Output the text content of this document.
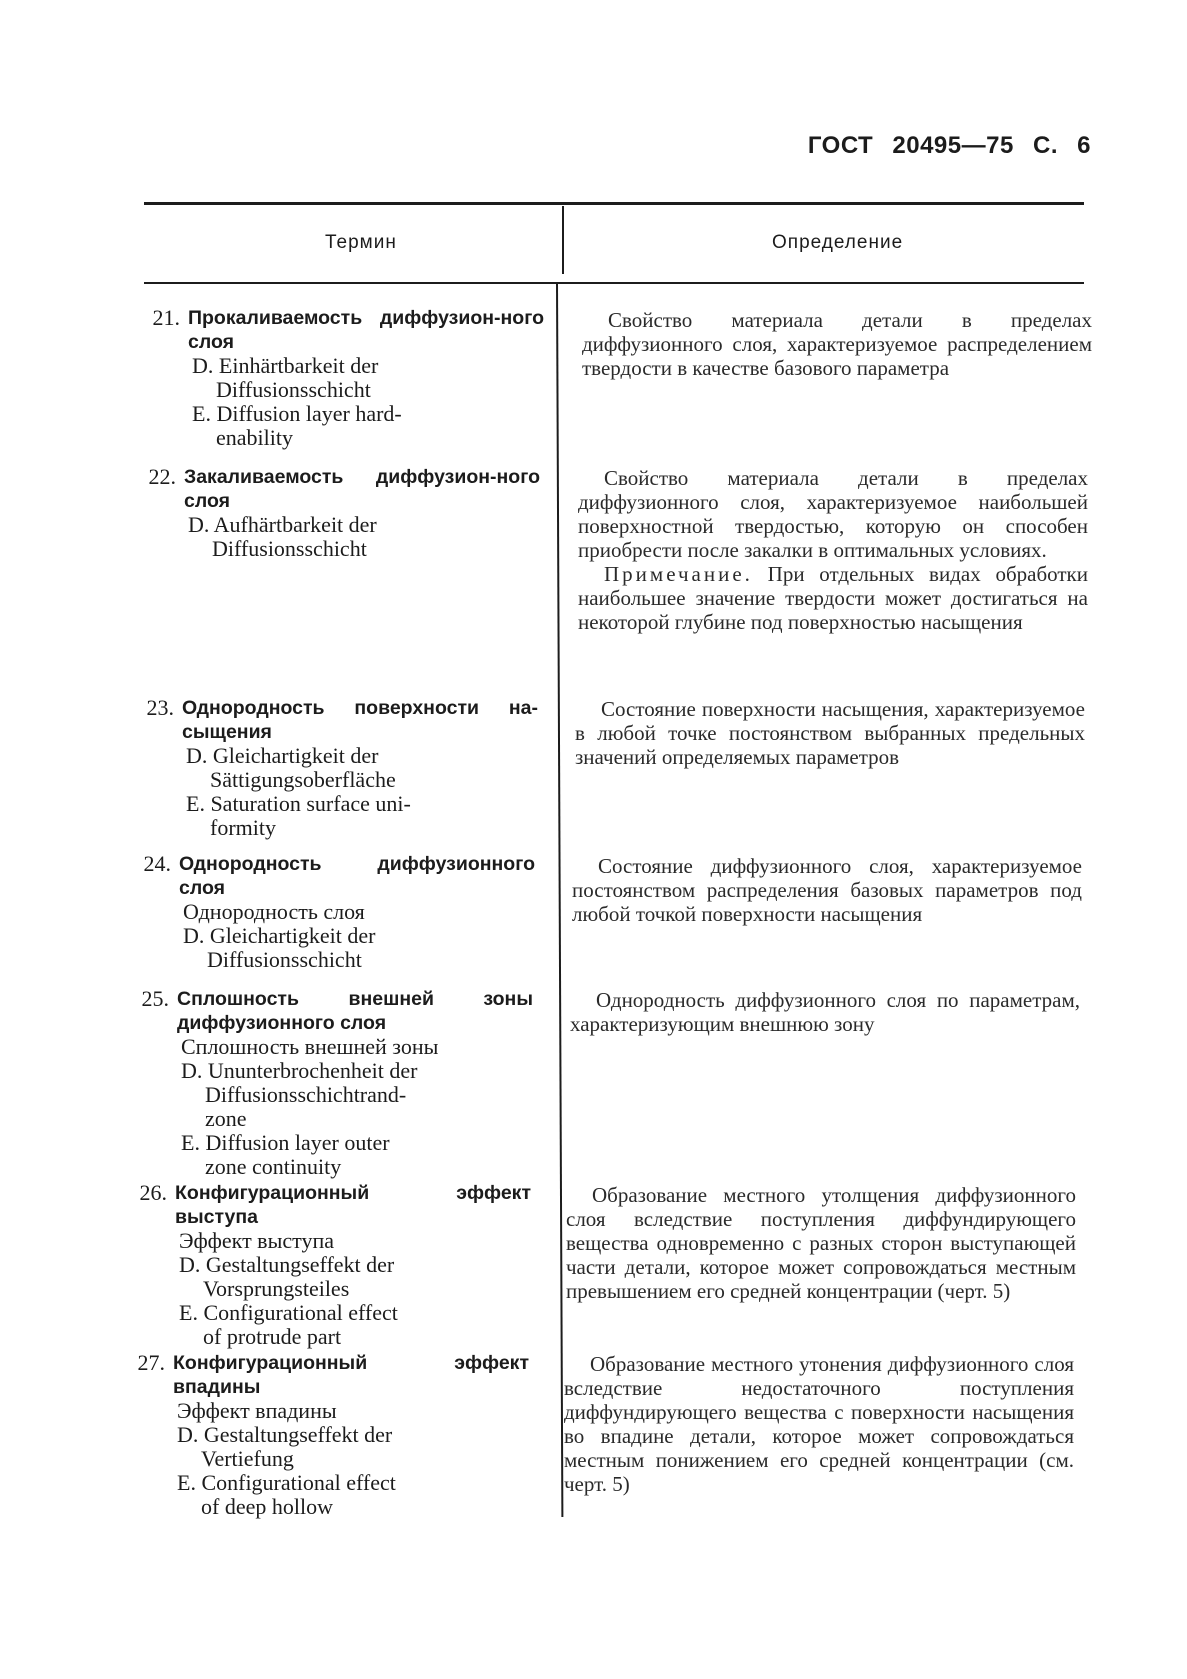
ГОСТ 20495—75 С. 6
Термин	Определение
21. Прокаливаемость диффузион-ного слоя
D. Einhärtbarkeit der
Diffusionsschicht
E. Diffusion layer hard-
enability

Свойство материала детали в пределах диффузионного слоя, характеризуемое распределением твердости в качестве базового параметра

22. Закаливаемость диффузион-ного слоя
D. Aufhärtbarkeit der
Diffusionsschicht

Свойство материала детали в пределах диффузионного слоя, характеризуемое наибольшей поверхностной твердостью, которую он способен приобрести после закалки в оптимальных условиях.

Примечание. При отдельных видах обработки наибольшее значение твердости может достигаться на некоторой глубине под поверхностью насыщения

23. Однородность поверхности на-сыщения
D. Gleichartigkeit der
Sättigungsoberfläche
E. Saturation surface uni-
formity

Состояние поверхности насыщения, характеризуемое в любой точке постоянством выбранных предельных значений определяемых параметров

24. Однородность диффузионного слоя
Однородность слоя
D. Gleichartigkeit der
Diffusionsschicht

Состояние диффузионного слоя, характеризуемое постоянством распределения базовых параметров под любой точкой поверхности насыщения

25. Сплошность внешней зоны диффузионного слоя
Сплошность внешней зоны
D. Ununterbrochenheit der
Diffusionsschichtrand-
zone
E. Diffusion layer outer
zone continuity

Однородность диффузионного слоя по параметрам, характеризующим внешнюю зону

26. Конфигурационный эффект выступа
Эффект выступа
D. Gestaltungseffekt der
Vorsprungsteiles
E. Configurational effect
of protrude part

Образование местного утолщения диффузионного слоя вследствие поступления диффундирующего вещества одновременно с разных сторон выступающей части детали, которое может сопровождаться местным превышением его средней концентрации (черт. 5)

27. Конфигурационный эффект впадины
Эффект впадины
D. Gestaltungseffekt der
Vertiefung
E. Configurational effect
of deep hollow

Образование местного утонения диффузионного слоя вследствие недостаточного поступления диффундирующего вещества с поверхности насыщения во впадине детали, которое может сопровождаться местным понижением его средней концентрации (см. черт. 5)
